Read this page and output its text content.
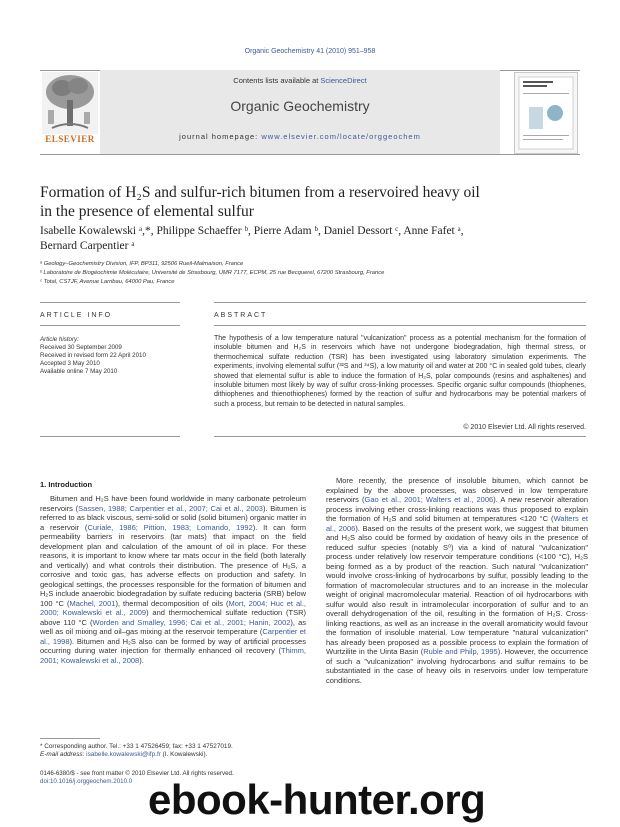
Organic Geochemistry 41 (2010) 951–958
Contents lists available at ScienceDirect
Organic Geochemistry
journal homepage: www.elsevier.com/locate/orggeochem
ELSEVIER
Formation of H₂S and sulfur-rich bitumen from a reservoired heavy oil
in the presence of elemental sulfur
Isabelle Kowalewski ᵃ,*, Philippe Schaeffer ᵇ, Pierre Adam ᵇ, Daniel Dessort ᶜ, Anne Fafet ᵃ,
Bernard Carpentier ᵃ
ᵃ Geology–Geochemistry Division, IFP, BP311, 92506 Rueil-Malmaison, France
ᵇ Laboratoire de Biogéochimie Moléculaire, Université de Strasbourg, UMR 7177, ECPM, 25 rue Becquerel, 67200 Strasbourg, France
ᶜ Total, CSTJF, Avenue Larribau, 64000 Pau, France
ARTICLE INFO
Article history:
Received 30 September 2009
Received in revised form 22 April 2010
Accepted 3 May 2010
Available online 7 May 2010
ABSTRACT
The hypothesis of a low temperature natural "vulcanization" process as a potential mechanism for the formation of insoluble bitumen and H₂S in reservoirs which have not undergone biodegradation, high thermal stress, or thermochemical sulfate reduction (TSR) has been investigated using laboratory simulation experiments. The experiments, involving elemental sulfur (³²S and ³⁴S), a low maturity oil and water at 200 °C in sealed gold tubes, clearly showed that elemental sulfur is able to induce the formation of H₂S, polar compounds (resins and asphaltenes) and insoluble bitumen most likely by way of sulfur cross-linking processes. Specific organic sulfur compounds (thiophenes, dithiophenes and thienothiophenes) formed by the reaction of sulfur and hydrocarbons may be potential markers of such a process, but remain to be detected in natural samples.
© 2010 Elsevier Ltd. All rights reserved.
1. Introduction
Bitumen and H₂S have been found worldwide in many carbonate petroleum reservoirs (Sassen, 1988; Carpentier et al., 2007; Cai et al., 2003). Bitumen is referred to as black viscous, semi-solid or solid (solid bitumen) organic matter in a reservoir (Curiale, 1986; Pittion, 1983; Lomando, 1992). It can form permeability barriers in reservoirs (tar mats) that impact on the field development plan and calculation of the amount of oil in place. For these reasons, it is important to know where tar mats occur in the field (both laterally and vertically) and what controls their distribution. The presence of H₂S, a corrosive and toxic gas, has adverse effects on production and safety. In geological settings, the processes responsible for the formation of bitumen and H₂S include anaerobic biodegradation by sulfate reducing bacteria (SRB) below 100 °C (Machel, 2001), thermal decomposition of oils (Mort, 2004; Huc et al., 2000; Kowalewski et al., 2009) and thermochemical sulfate reduction (TSR) above 110 °C (Worden and Smalley, 1996; Cai et al., 2001; Hanin, 2002), as well as oil mixing and oil–gas mixing at the reservoir temperature (Carpentier et al., 1998). Bitumen and H₂S also can be formed by way of artificial processes occurring during water injection for thermally enhanced oil recovery (Thimm, 2001; Kowalewski et al., 2008).
More recently, the presence of insoluble bitumen, which cannot be explained by the above processes, was observed in low temperature reservoirs (Gao et al., 2001; Walters et al., 2006). A new reservoir alteration process involving ether cross-linking reactions was thus proposed to explain the formation of H₂S and solid bitumen at temperatures <120 °C (Walters et al., 2006). Based on the results of the present work, we suggest that bitumen and H₂S also could be formed by oxidation of heavy oils in the presence of reduced sulfur species (notably S⁰) via a kind of natural "vulcanization" process under relatively low reservoir temperature conditions (<100 °C), H₂S being formed as a by product of the reaction. Such natural "vulcanization" would involve cross-linking of hydrocarbons by sulfur, possibly leading to the formation of macromolecular structures and to an increase in the molecular weight of original macromolecular material. Reaction of oil hydrocarbons with sulfur would also result in intramolecular incorporation of sulfur and to an overall dehydrogenation of the oil, resulting in the formation of H₂S. Cross-linking reactions, as well as an increase in the overall aromaticity would favour the formation of insoluble material. Low temperature "natural vulcanization" has already been proposed as a possible process to explain the formation of Wurtzilite in the Uinta Basin (Ruble and Philp, 1995). However, the occurrence of such a "vulcanization" involving hydrocarbons and sulfur remains to be substantiated in the case of heavy oils in reservoirs under low temperature conditions.
* Corresponding author. Tel.: +33 1 47526459; fax: +33 1 47527019.
E-mail address: isabelle.kowalewski@ifp.fr (I. Kowalewski).
0146-6380/$ - see front matter © 2010 Elsevier Ltd. All rights reserved.
doi:10.1016/j.orggeochem.2010.0 ebook-hunter.org
